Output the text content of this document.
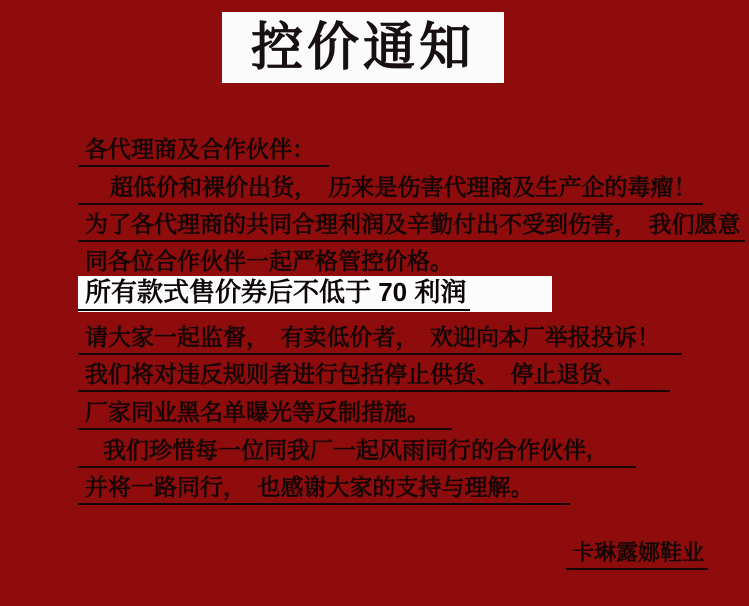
控价通知
各代理商及合作伙伴：
超低价和裸价出货，　历来是伤害代理商及生产企的毒瘤！
为了各代理商的共同合理利润及辛勤付出不受到伤害，　我们愿意
同各位合作伙伴一起严格管控价格。
所有款式售价券后不低于 70 利润
请大家一起监督，　有卖低价者，　欢迎向本厂举报投诉！
我们将对违反规则者进行包括停止供货、　停止退货、
厂家同业黑名单曝光等反制措施。
我们珍惜每一位同我厂一起风雨同行的合作伙伴,
并将一路同行，　也感谢大家的支持与理解。
卡琳露娜鞋业
